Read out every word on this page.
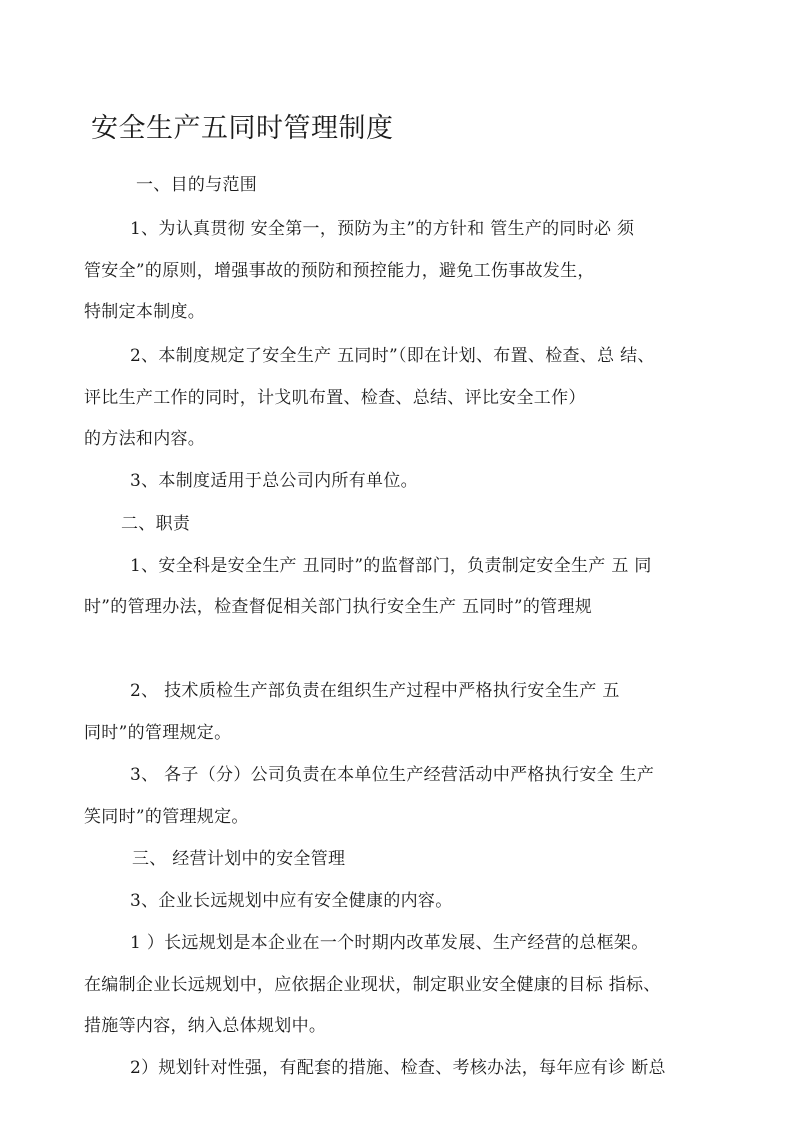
安全生产五同时管理制度
一、目的与范围
1、为认真贯彻 安全第一，预防为主”的方针和 管生产的同时必 须
管安全”的原则，增强事故的预防和预控能力，避免工伤事故发生，
特制定本制度。
2、本制度规定了安全生产 五同时”（即在计划、布置、检查、总 结、
评比生产工作的同时，计戈叽布置、检查、总结、评比安全工作）
的方法和内容。
3、本制度适用于总公司内所有单位。
二、职责
1、安全科是安全生产 丑同时”的监督部门，负责制定安全生产 五 同
时”的管理办法，检查督促相关部门执行安全生产 五同时”的管理规
2、 技术质检生产部负责在组织生产过程中严格执行安全生产 五
同时”的管理规定。
3、 各子（分）公司负责在本单位生产经营活动中严格执行安全 生产
笑同时”的管理规定。
三、 经营计划中的安全管理
3、企业长远规划中应有安全健康的内容。
1 ）长远规划是本企业在一个时期内改革发展、生产经营的总框架。
在编制企业长远规划中，应依据企业现状，制定职业安全健康的目标 指标、
措施等内容，纳入总体规划中。
2）规划针对性强，有配套的措施、检查、考核办法，每年应有诊 断总
